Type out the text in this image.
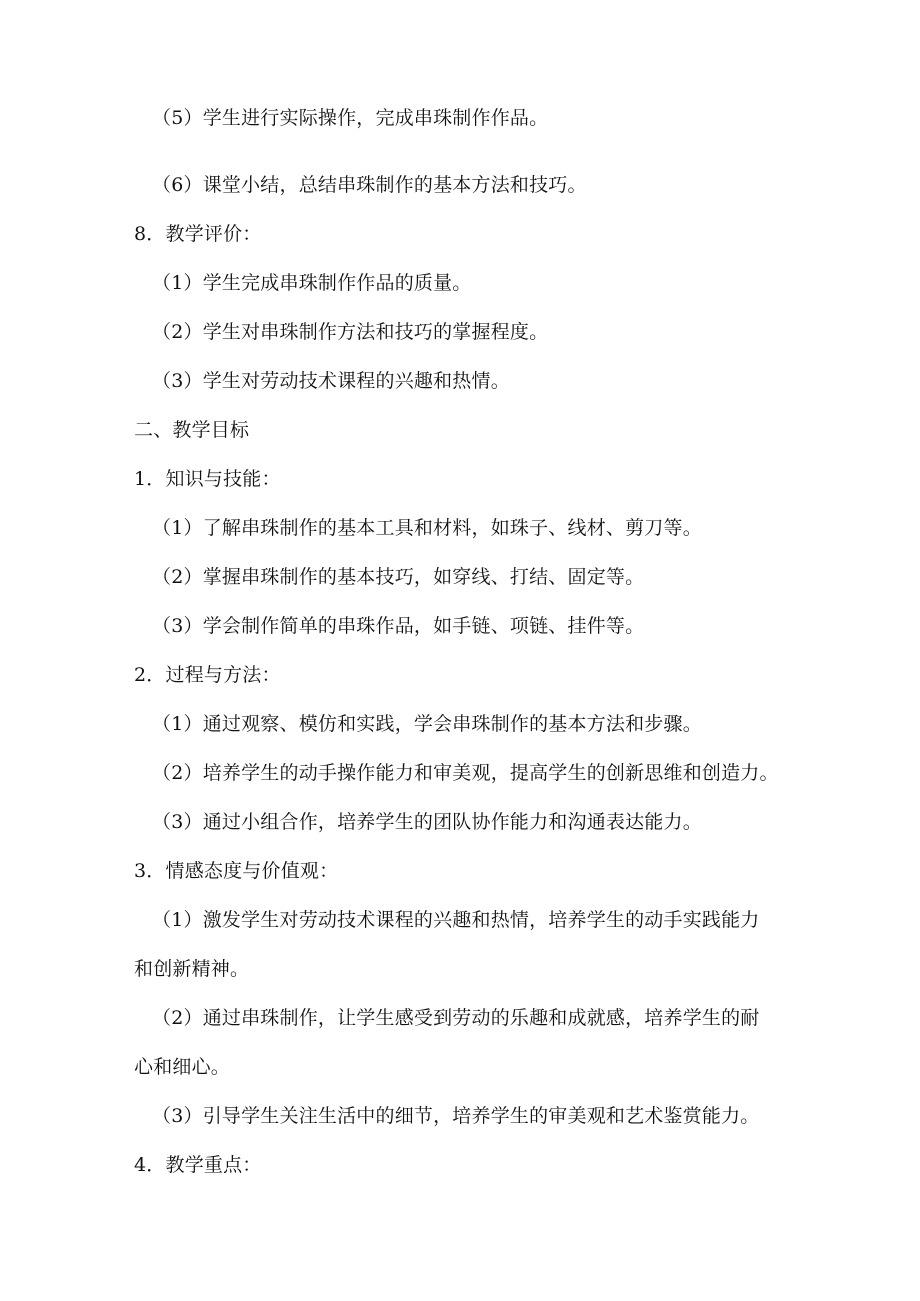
（5）学生进行实际操作，完成串珠制作作品。
（6）课堂小结，总结串珠制作的基本方法和技巧。
8．教学评价：
（1）学生完成串珠制作作品的质量。
（2）学生对串珠制作方法和技巧的掌握程度。
（3）学生对劳动技术课程的兴趣和热情。
二、教学目标
1．知识与技能：
（1）了解串珠制作的基本工具和材料，如珠子、线材、剪刀等。
（2）掌握串珠制作的基本技巧，如穿线、打结、固定等。
（3）学会制作简单的串珠作品，如手链、项链、挂件等。
2．过程与方法：
（1）通过观察、模仿和实践，学会串珠制作的基本方法和步骤。
（2）培养学生的动手操作能力和审美观，提高学生的创新思维和创造力。
（3）通过小组合作，培养学生的团队协作能力和沟通表达能力。
3．情感态度与价值观：
（1）激发学生对劳动技术课程的兴趣和热情，培养学生的动手实践能力
和创新精神。
（2）通过串珠制作，让学生感受到劳动的乐趣和成就感，培养学生的耐
心和细心。
（3）引导学生关注生活中的细节，培养学生的审美观和艺术鉴赏能力。
4．教学重点：
